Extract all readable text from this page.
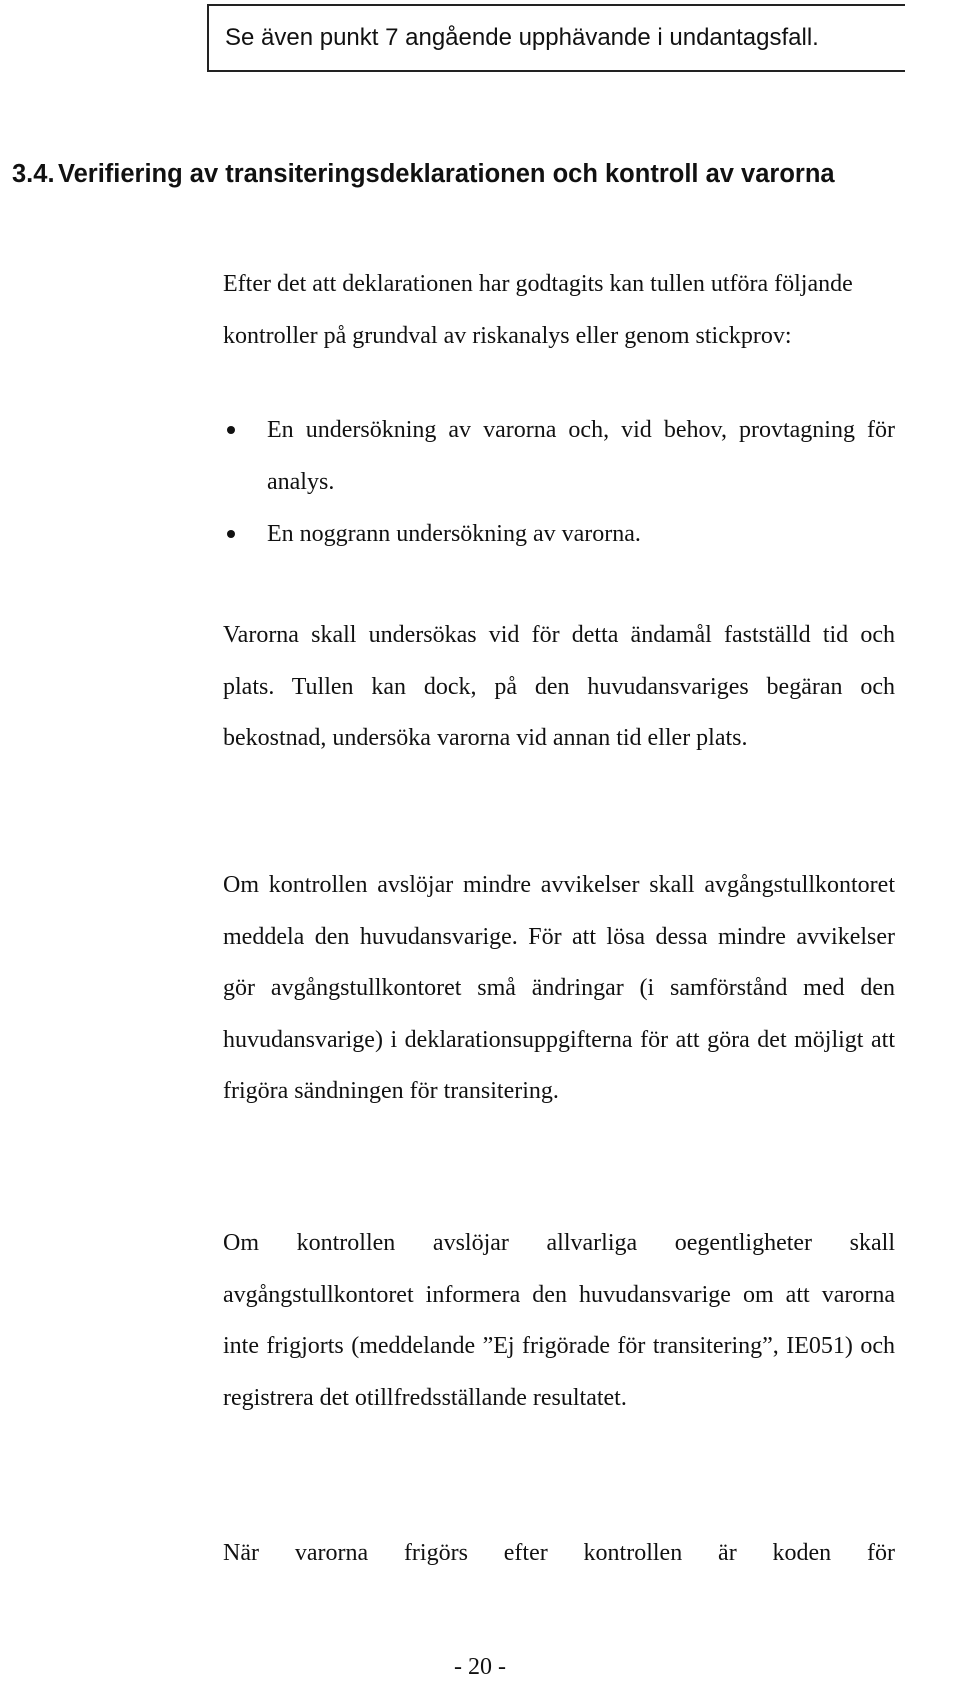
Se även punkt 7 angående upphävande i undantagsfall.
3.4. Verifiering av transiteringsdeklarationen och kontroll av varorna

Efter det att deklarationen har godtagits kan tullen utföra följande kontroller på grundval av riskanalys eller genom stickprov:

En undersökning av varorna och, vid behov, provtagning för analys.
En noggrann undersökning av varorna.

Varorna skall undersökas vid för detta ändamål fastställd tid och plats. Tullen kan dock, på den huvudansvariges begäran och bekostnad, undersöka varorna vid annan tid eller plats.

Om kontrollen avslöjar mindre avvikelser skall avgångstullkontoret meddela den huvudansvarige. För att lösa dessa mindre avvikelser gör avgångstullkontoret små ändringar (i samförstånd med den huvudansvarige) i deklarationsuppgifterna för att göra det möjligt att frigöra sändningen för transitering.

Om kontrollen avslöjar allvarliga oegentligheter skall avgångstullkontoret informera den huvudansvarige om att varorna inte frigjorts (meddelande ”Ej frigörade för transitering”, IE051) och registrera det otillfredsställande resultatet.

När varorna frigörs efter kontrollen är koden för

- 20 -
